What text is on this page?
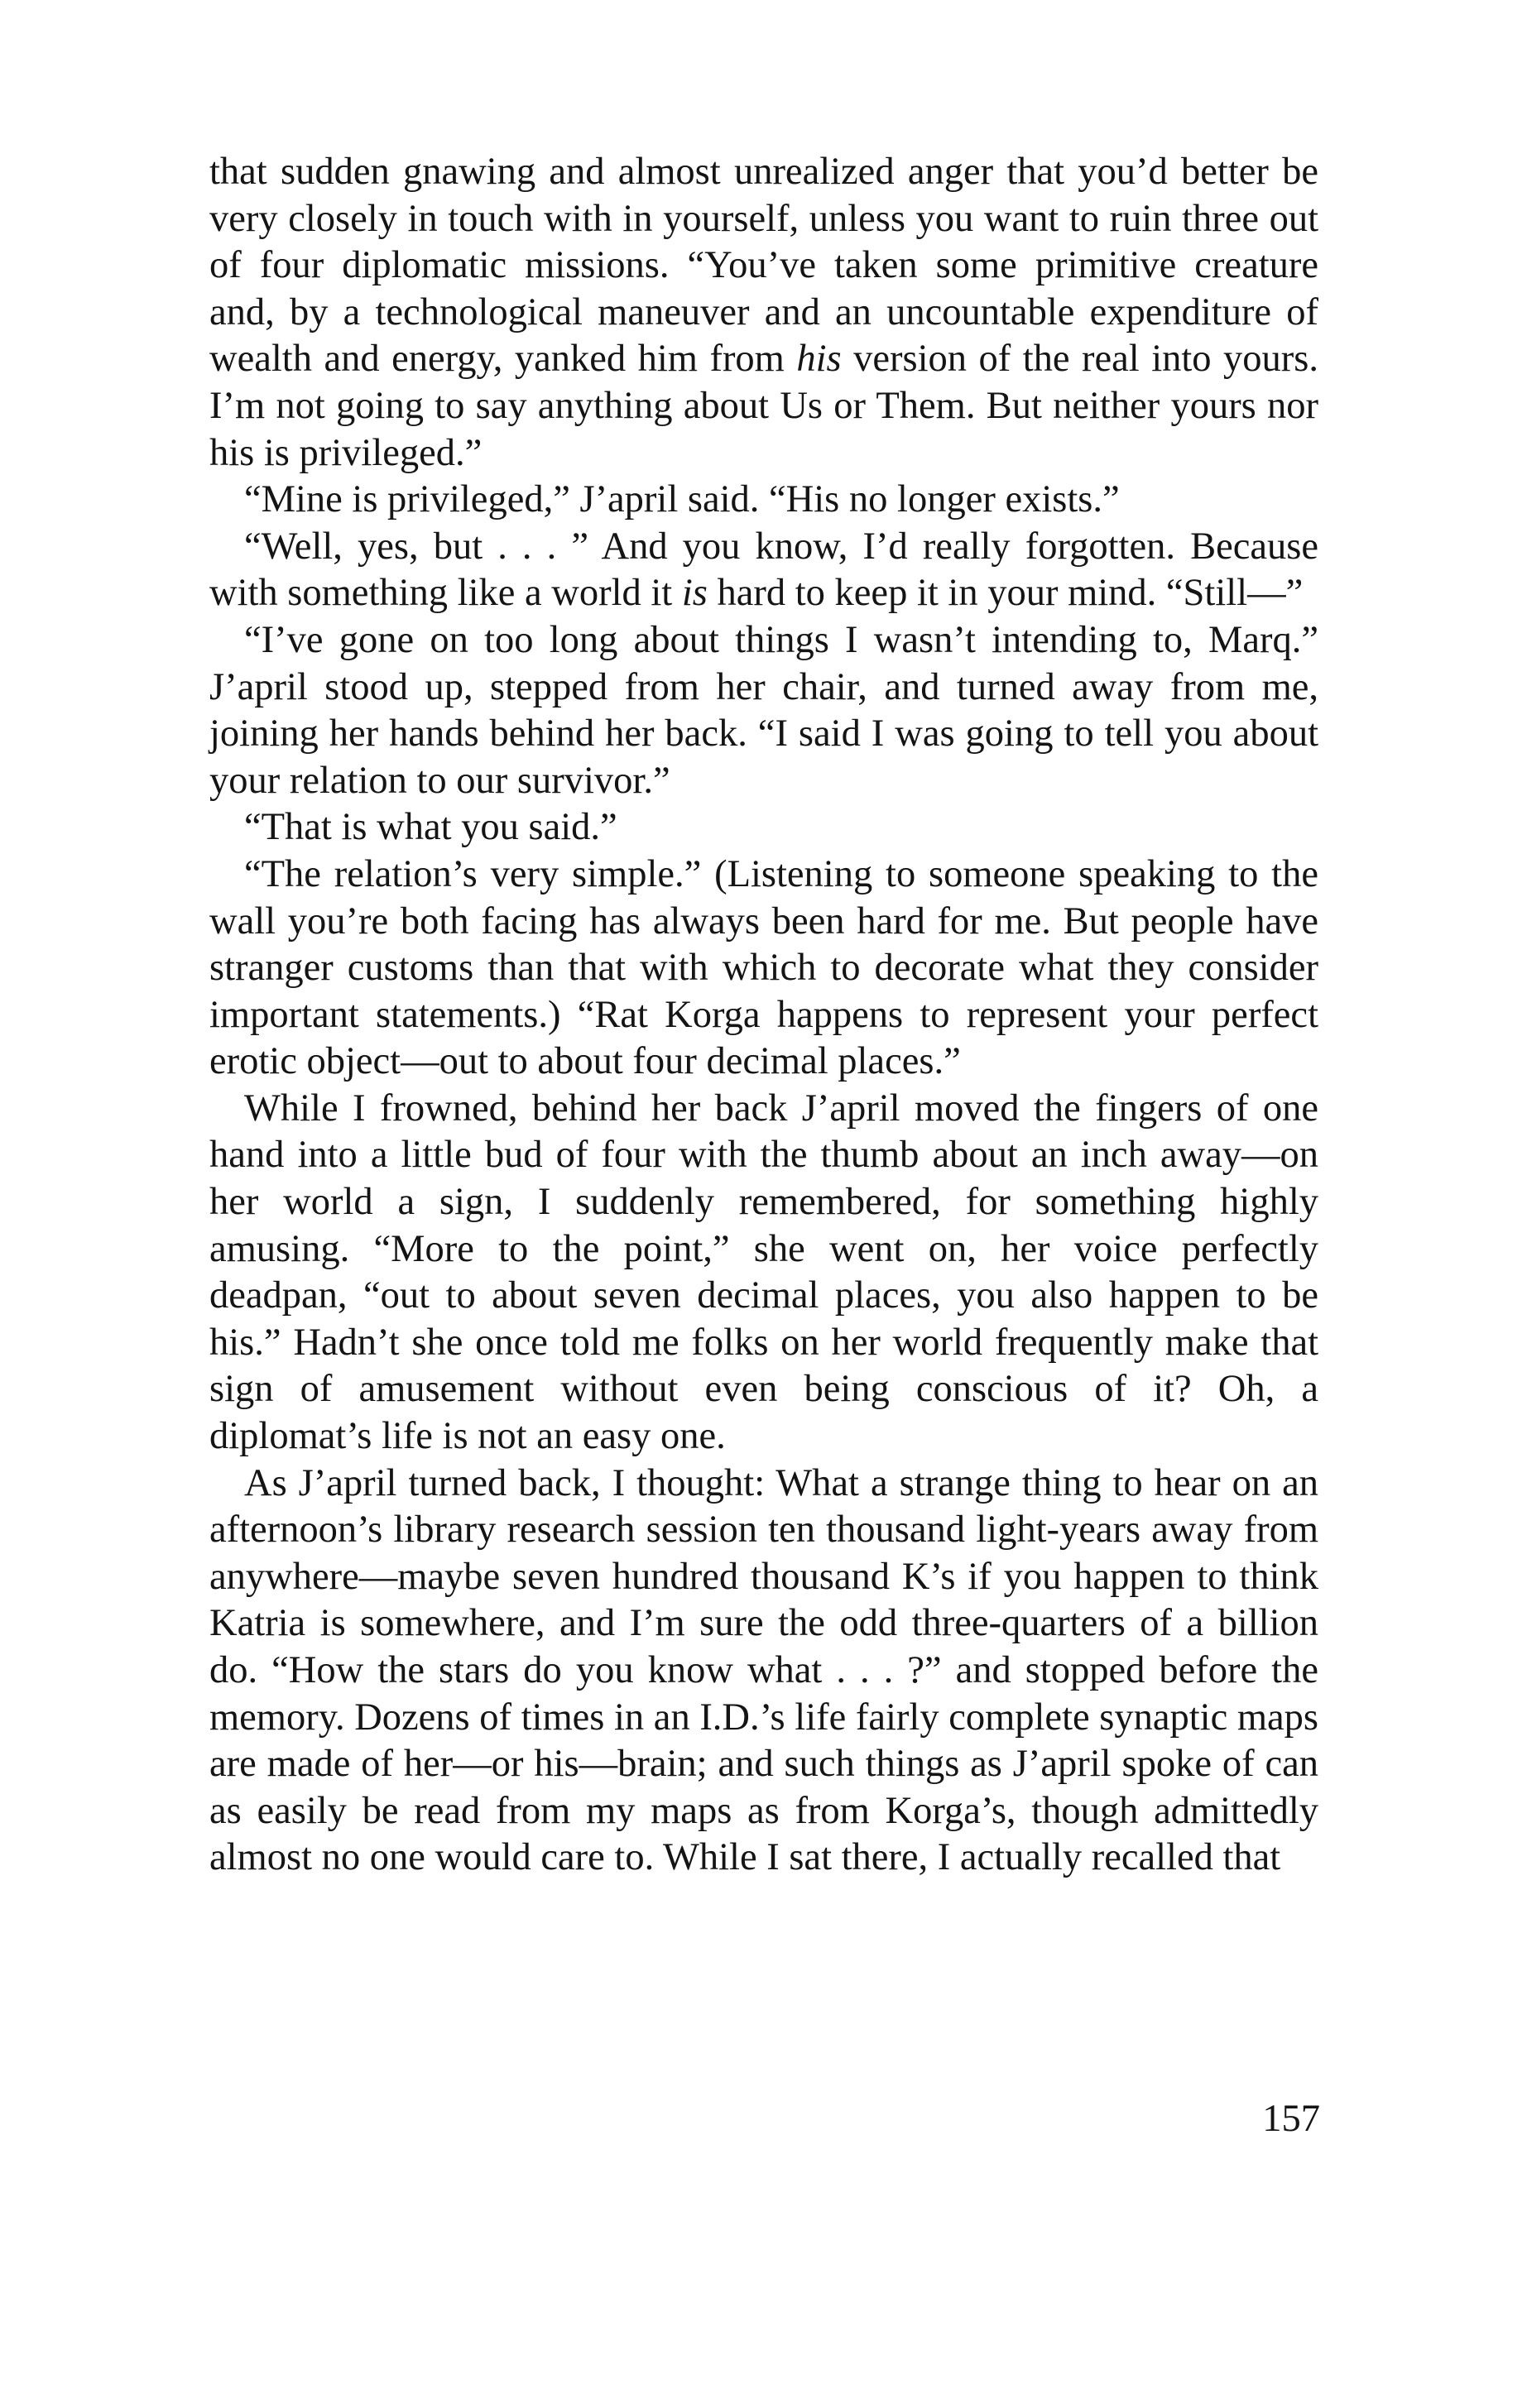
that sudden gnawing and almost unrealized anger that you’d better be very closely in touch with in yourself, unless you want to ruin three out of four diplomatic missions. “You’ve taken some primitive creature and, by a technological maneuver and an uncountable expenditure of wealth and energy, yanked him from his version of the real into yours. I’m not going to say anything about Us or Them. But neither yours nor his is privileged.”

“Mine is privileged,” J’april said. “His no longer exists.”

“Well, yes, but . . . ” And you know, I’d really forgotten. Because with something like a world it is hard to keep it in your mind. “Still—”

“I’ve gone on too long about things I wasn’t intending to, Marq.” J’april stood up, stepped from her chair, and turned away from me, joining her hands behind her back. “I said I was going to tell you about your relation to our survivor.”

“That is what you said.”

“The relation’s very simple.” (Listening to someone speaking to the wall you’re both facing has always been hard for me. But people have stranger customs than that with which to decorate what they consider important statements.) “Rat Korga happens to represent your perfect erotic object—out to about four decimal places.”

While I frowned, behind her back J’april moved the fingers of one hand into a little bud of four with the thumb about an inch away—on her world a sign, I suddenly remembered, for something highly amusing. “More to the point,” she went on, her voice perfectly deadpan, “out to about seven decimal places, you also happen to be his.” Hadn’t she once told me folks on her world frequently make that sign of amusement without even being conscious of it? Oh, a diplomat’s life is not an easy one.

As J’april turned back, I thought: What a strange thing to hear on an afternoon’s library research session ten thousand light-years away from anywhere—maybe seven hundred thousand K’s if you happen to think Katria is somewhere, and I’m sure the odd three-quarters of a billion do. “How the stars do you know what . . . ?” and stopped before the memory. Dozens of times in an I.D.’s life fairly complete synaptic maps are made of her—or his—brain; and such things as J’april spoke of can as easily be read from my maps as from Korga’s, though admittedly almost no one would care to. While I sat there, I actually recalled that

157
